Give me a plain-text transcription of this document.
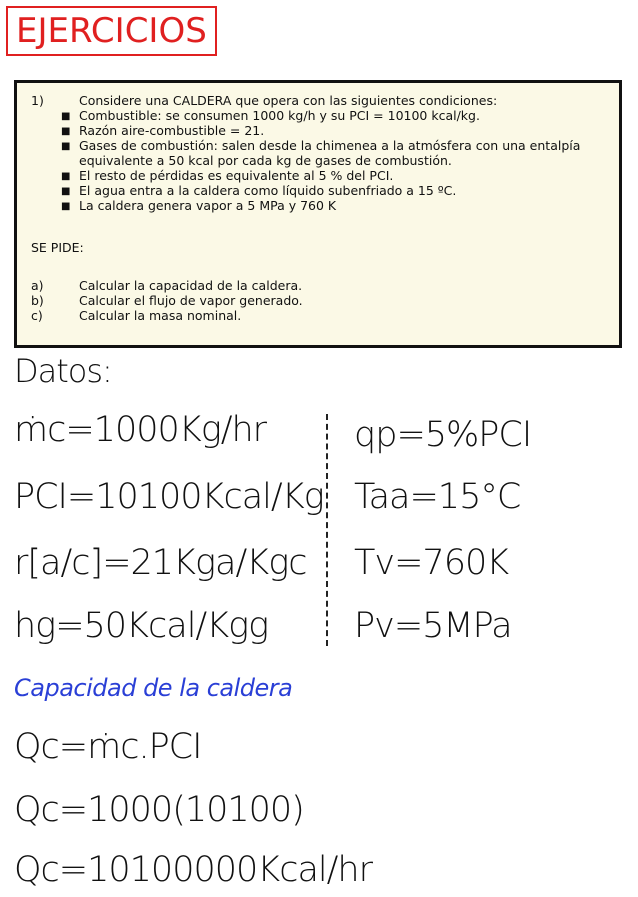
EJERCICIOS
1)	Considere una CALDERA que opera con las siguientes condiciones:
■ Combustible: se consumen 1000 kg/h y su PCI = 10100 kcal/kg.
■ Razón aire-combustible = 21.
■ Gases de combustión: salen desde la chimenea a la atmósfera con una entalpía
equivalente a 50 kcal por cada kg de gases de combustión.
■ El resto de pérdidas es equivalente al 5 % del PCI.
■ El agua entra a la caldera como líquido subenfriado a 15 ºC.
■ La caldera genera vapor a 5 MPa y 760 K
SE PIDE:
a)	Calcular la capacidad de la caldera.
b)	Calcular el flujo de vapor generado.
c)	Calcular la masa nominal.
Datos:
ṁc=1000Kg/hr
PCI=10100Kcal/Kg
r[a/c]=21Kga/Kgc
hg=50Kcal/Kgg
qp=5%PCI
Taa=15°C
Tv=760K
Pv=5MPa
Capacidad de la caldera
Qc=ṁc.PCI
Qc=1000(10100)
Qc=10100000Kcal/hr
